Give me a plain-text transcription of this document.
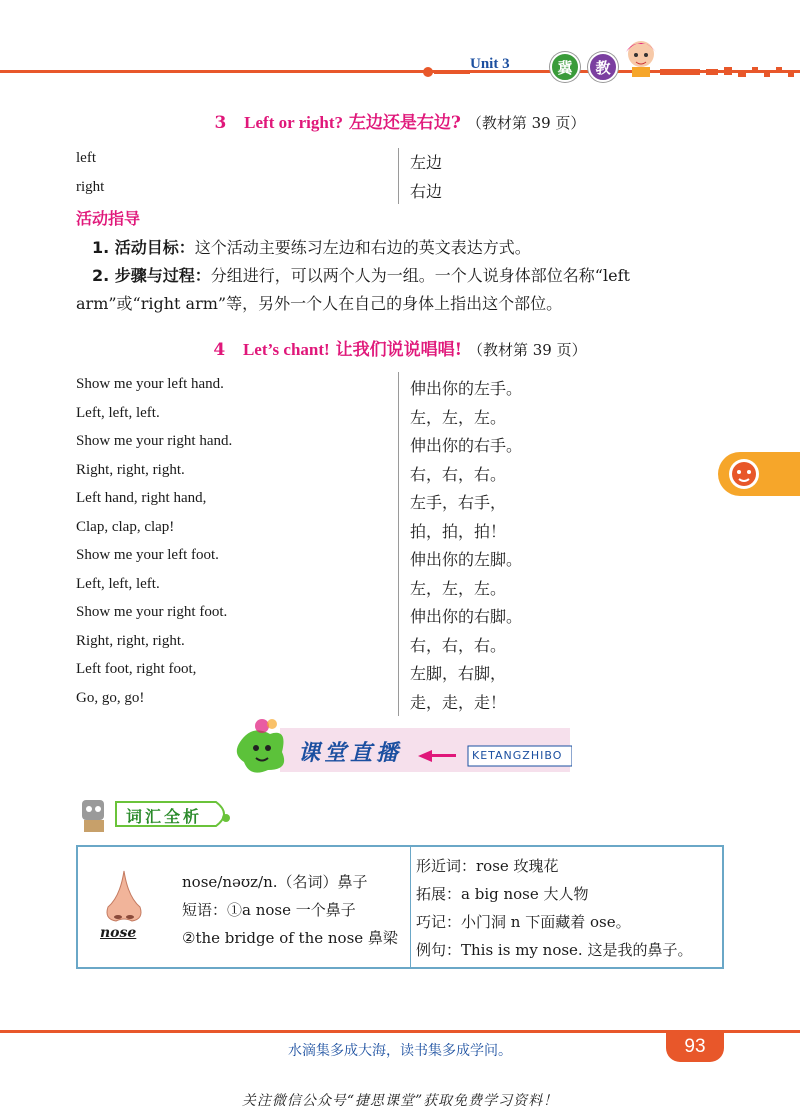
Unit 3	冀	教
3 Left or right? 左边还是右边? （教材第 39 页）
left	左边
right	右边
活动指导
1. 活动目标：这个活动主要练习左边和右边的英文表达方式。
2. 步骤与过程：分组进行，可以两个人为一组。一个人说身体部位名称“left arm”或“right arm”等，另外一个人在自己的身体上指出这个部位。
4 Let’s chant! 让我们说说唱唱! （教材第 39 页）
Show me your left hand.	伸出你的左手。
Left, left, left.	左，左，左。
Show me your right hand.	伸出你的右手。
Right, right, right.	右，右，右。
Left hand, right hand,	左手，右手，
Clap, clap, clap!	拍，拍，拍！
Show me your left foot.	伸出你的左脚。
Left, left, left.	左，左，左。
Show me your right foot.	伸出你的右脚。
Right, right, right.	右，右，右。
Left foot, right foot,	左脚，右脚，
Go, go, go!	走，走，走！
课堂直播	KETANGZHIBO
词汇全析
nose
nose/nəʊz/n.（名词）鼻子
短语：①a nose 一个鼻子
②the bridge of the nose 鼻梁
形近词：rose 玫瑰花
拓展：a big nose 大人物
巧记：小门洞 n 下面藏着 ose。
例句：This is my nose. 这是我的鼻子。
93
水滴集多成大海，读书集多成学问。
关注微信公众号“捷思课堂”获取免费学习资料！
